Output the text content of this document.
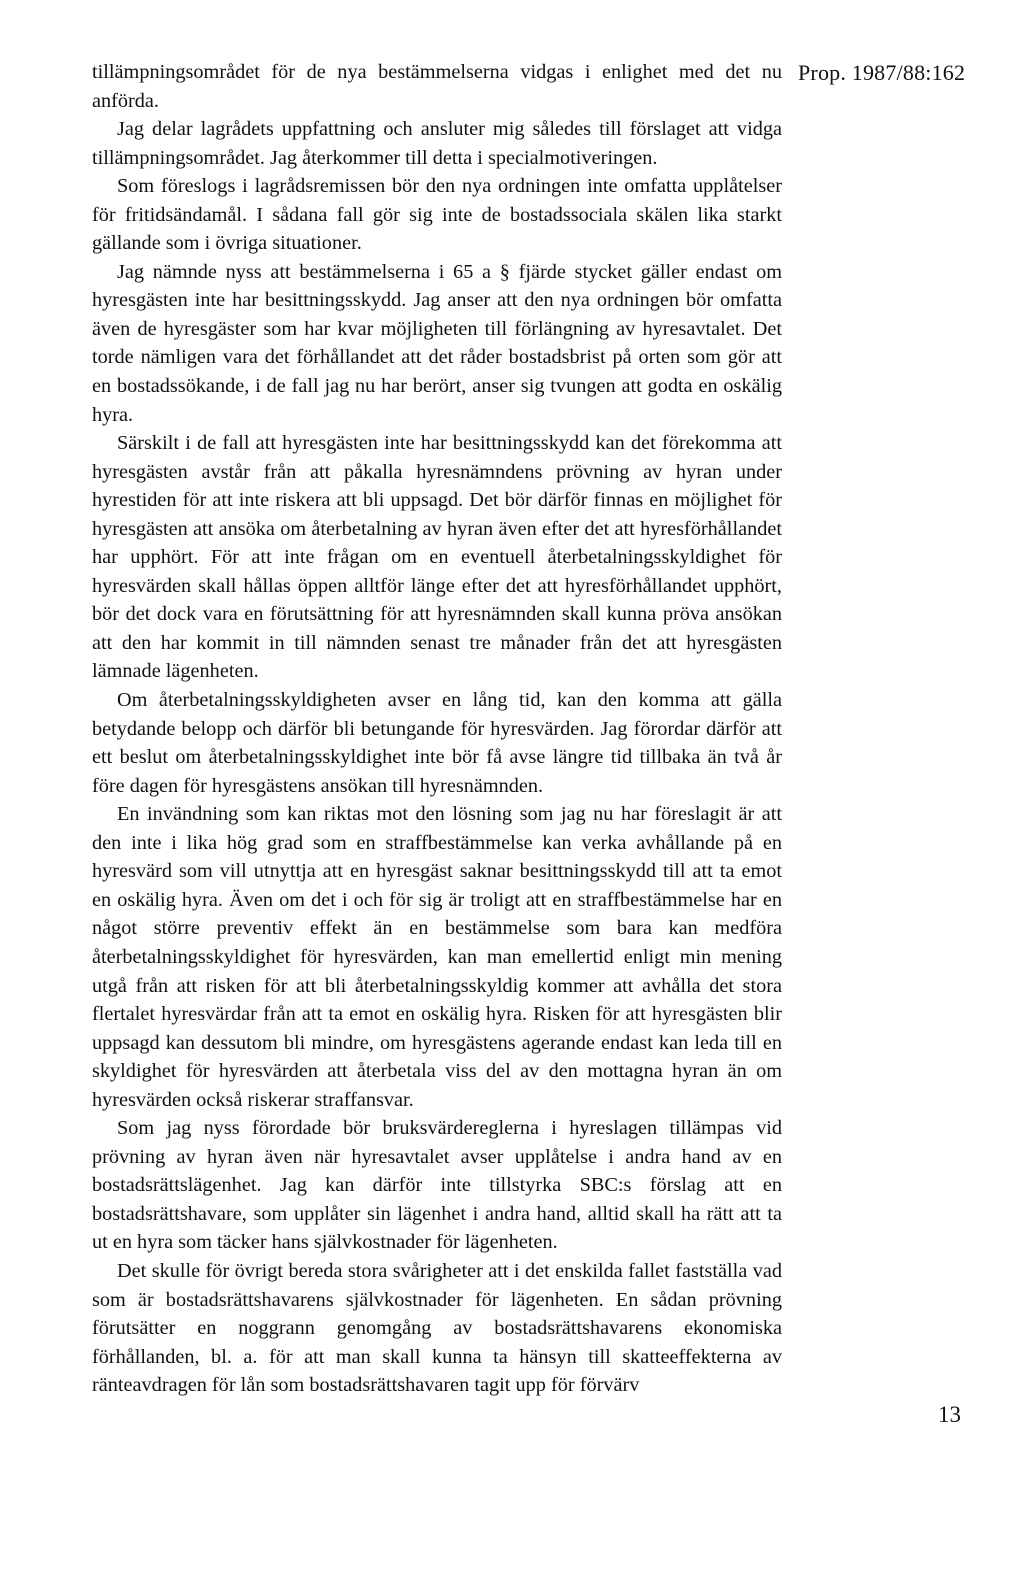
Prop. 1987/88:162

tillämpningsområdet för de nya bestämmelserna vidgas i enlighet med det nu anförda.

Jag delar lagrådets uppfattning och ansluter mig således till förslaget att vidga tillämpningsområdet. Jag återkommer till detta i specialmotiveringen.

Som föreslogs i lagrådsremissen bör den nya ordningen inte omfatta upplåtelser för fritidsändamål. I sådana fall gör sig inte de bostadssociala skälen lika starkt gällande som i övriga situationer.

Jag nämnde nyss att bestämmelserna i 65 a § fjärde stycket gäller endast om hyresgästen inte har besittningsskydd. Jag anser att den nya ordningen bör omfatta även de hyresgäster som har kvar möjligheten till förlängning av hyresavtalet. Det torde nämligen vara det förhållandet att det råder bostadsbrist på orten som gör att en bostadssökande, i de fall jag nu har berört, anser sig tvungen att godta en oskälig hyra.

Särskilt i de fall att hyresgästen inte har besittningsskydd kan det förekomma att hyresgästen avstår från att påkalla hyresnämndens prövning av hyran under hyrestiden för att inte riskera att bli uppsagd. Det bör därför finnas en möjlighet för hyresgästen att ansöka om återbetalning av hyran även efter det att hyresförhållandet har upphört. För att inte frågan om en eventuell återbetalningsskyldighet för hyresvärden skall hållas öppen alltför länge efter det att hyresförhållandet upphört, bör det dock vara en förutsättning för att hyresnämnden skall kunna pröva ansökan att den har kommit in till nämnden senast tre månader från det att hyresgästen lämnade lägenheten.

Om återbetalningsskyldigheten avser en lång tid, kan den komma att gälla betydande belopp och därför bli betungande för hyresvärden. Jag förordar därför att ett beslut om återbetalningsskyldighet inte bör få avse längre tid tillbaka än två år före dagen för hyresgästens ansökan till hyresnämnden.

En invändning som kan riktas mot den lösning som jag nu har föreslagit är att den inte i lika hög grad som en straffbestämmelse kan verka avhållande på en hyresvärd som vill utnyttja att en hyresgäst saknar besittningsskydd till att ta emot en oskälig hyra. Även om det i och för sig är troligt att en straffbestämmelse har en något större preventiv effekt än en bestämmelse som bara kan medföra återbetalningsskyldighet för hyresvärden, kan man emellertid enligt min mening utgå från att risken för att bli återbetalningsskyldig kommer att avhålla det stora flertalet hyresvärdar från att ta emot en oskälig hyra. Risken för att hyresgästen blir uppsagd kan dessutom bli mindre, om hyresgästens agerande endast kan leda till en skyldighet för hyresvärden att återbetala viss del av den mottagna hyran än om hyresvärden också riskerar straffansvar.

Som jag nyss förordade bör bruksvärdereglerna i hyreslagen tillämpas vid prövning av hyran även när hyresavtalet avser upplåtelse i andra hand av en bostadsrättslägenhet. Jag kan därför inte tillstyrka SBC:s förslag att en bostadsrättshavare, som upplåter sin lägenhet i andra hand, alltid skall ha rätt att ta ut en hyra som täcker hans självkostnader för lägenheten.

Det skulle för övrigt bereda stora svårigheter att i det enskilda fallet fastställa vad som är bostadsrättshavarens självkostnader för lägenheten. En sådan prövning förutsätter en noggrann genomgång av bostadsrättshavarens ekonomiska förhållanden, bl. a. för att man skall kunna ta hänsyn till skatteeffekterna av ränteavdragen för lån som bostadsrättshavaren tagit upp för förvärv

13
